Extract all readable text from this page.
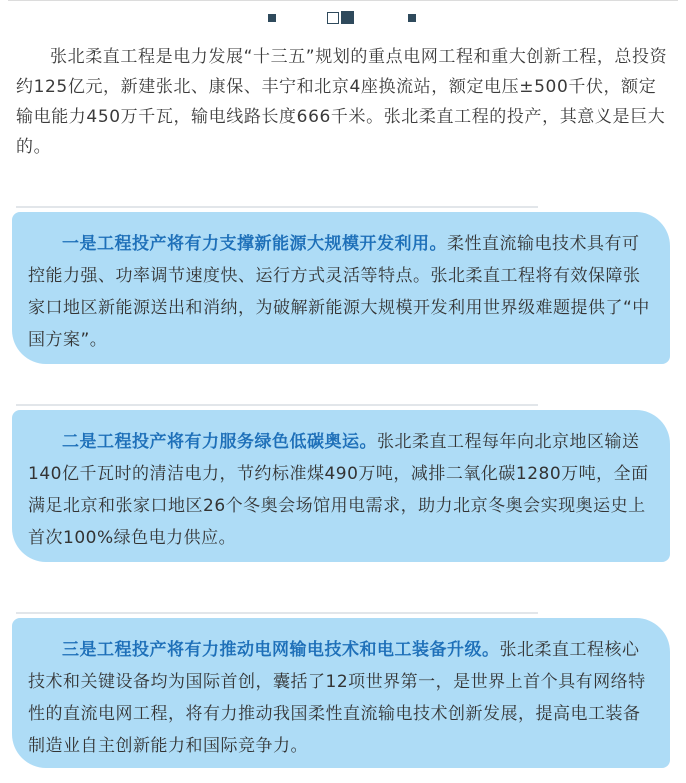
张北柔直工程是电力发展“十三五”规划的重点电网工程和重大创新工程，总投资约125亿元，新建张北、康保、丰宁和北京4座换流站，额定电压±500千伏，额定输电能力450万千瓦，输电线路长度666千米。张北柔直工程的投产，其意义是巨大的。

一是工程投产将有力支撑新能源大规模开发利用。柔性直流输电技术具有可控能力强、功率调节速度快、运行方式灵活等特点。张北柔直工程将有效保障张家口地区新能源送出和消纳，为破解新能源大规模开发利用世界级难题提供了“中国方案”。

二是工程投产将有力服务绿色低碳奥运。张北柔直工程每年向北京地区输送140亿千瓦时的清洁电力，节约标准煤490万吨，减排二氧化碳1280万吨，全面满足北京和张家口地区26个冬奥会场馆用电需求，助力北京冬奥会实现奥运史上首次100%绿色电力供应。

三是工程投产将有力推动电网输电技术和电工装备升级。张北柔直工程核心技术和关键设备均为国际首创，囊括了12项世界第一，是世界上首个具有网络特性的直流电网工程，将有力推动我国柔性直流输电技术创新发展，提高电工装备制造业自主创新能力和国际竞争力。
